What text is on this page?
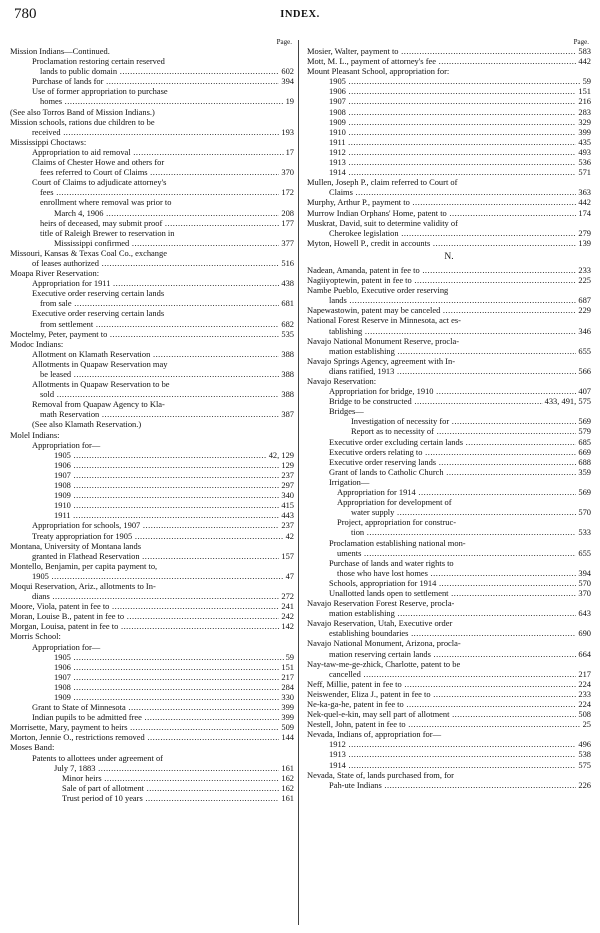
780	INDEX.
Page.
Mission Indians—Continued.
Proclamation restoring certain reserved
lands to public domain .....	602
Purchase of lands for .....	394
Use of former appropriation to purchase
homes .....	19
(See also Torros Band of Mission Indians.)
Mission schools, rations due children to be
received .....	193
Mississippi Choctaws:
Appropriation to aid removal .....	17
Claims of Chester Howe and others for
fees referred to Court of Claims .....	370
Court of Claims to adjudicate attorney's
fees .....	172
enrollment where removal was prior to
March 4, 1906 .....	208
heirs of deceased, may submit proof .....	177
title of Raleigh Brewer to reservation in
Mississippi confirmed .....	377
Missouri, Kansas & Texas Coal Co., exchange
of leases authorized .....	516
Moapa River Reservation:
Appropriation for 1911 .....	438
Executive order reserving certain lands
from sale .....	681
Executive order reserving certain lands
from settlement .....	682
Moctelmy, Peter, payment to .....	535
Modoc Indians:
Allotment on Klamath Reservation .....	388
Allotments in Quapaw Reservation may
be leased .....	388
Allotments in Quapaw Reservation to be
sold .....	388
Removal from Quapaw Agency to Kla-
math Reservation .....	387
(See also Klamath Reservation.)
Molel Indians:
Appropriation for—
1905 .....	42, 129
1906 .....	129
1907 .....	237
1908 .....	297
1909 .....	340
1910 .....	415
1911 .....	443
Appropriation for schools, 1907 .....	237
Treaty appropriation for 1905 .....	42
Montana, University of Montana lands
granted in Flathead Reservation .....	157
Montello, Benjamin, per capita payment to,
1905 .....	47
Moqui Reservation, Ariz., allotments to In-
dians .....	272
Moore, Viola, patent in fee to .....	241
Moran, Louise B., patent in fee to .....	242
Morgan, Louisa, patent in fee to .....	142
Morris School:
Appropriation for—
1905 .....	59
1906 .....	151
1907 .....	217
1908 .....	284
1909 .....	330
Grant to State of Minnesota .....	399
Indian pupils to be admitted free .....	399
Morrisette, Mary, payment to heirs .....	509
Morton, Jennie O., restrictions removed .....	144
Moses Band:
Patents to allottees under agreement of
July 7, 1883 .....	161
Minor heirs .....	162
Sale of part of allotment .....	162
Trust period of 10 years .....	161
Page.
Mosier, Walter, payment to .....	583
Mott, M. L., payment of attorney's fee .....	442
Mount Pleasant School, appropriation for:
1905 .....	59
1906 .....	151
1907 .....	216
1908 .....	283
1909 .....	329
1910 .....	399
1911 .....	435
1912 .....	493
1913 .....	536
1914 .....	571
Mullen, Joseph P., claim referred to Court of
Claims .....	363
Murphy, Arthur P., payment to .....	442
Murrow Indian Orphans' Home, patent to .....	174
Muskrat, David, suit to determine validity of
Cherokee legislation .....	279
Myton, Howell P., credit in accounts .....	139
N.
Nadean, Amanda, patent in fee to .....	233
Nagiiyoptewin, patent in fee to .....	225
Nambe Pueblo, Executive order reserving
lands .....	687
Napewastowin, patent may be canceled .....	229
National Forest Reserve in Minnesota, act es-
tablishing .....	346
Navajo National Monument Reserve, procla-
mation establishing .....	655
Navajo Springs Agency, agreement with In-
dians ratified, 1913 .....	566
Navajo Reservation:
Appropriation for bridge, 1910 .....	407
Bridge to be constructed .....	433, 491, 575
Bridges—
Investigation of necessity for .....	569
Report as to necessity of .....	579
Executive order excluding certain lands .....	685
Executive orders relating to .....	669
Executive order reserving lands .....	688
Grant of lands to Catholic Church .....	359
Irrigation—
Appropriation for 1914 .....	569
Appropriation for development of
water supply .....	570
Project, appropriation for construc-
tion .....	533
Proclamation establishing national mon-
uments .....	655
Purchase of lands and water rights to
those who have lost homes .....	394
Schools, appropriation for 1914 .....	570
Unallotted lands open to settlement .....	370
Navajo Reservation Forest Reserve, procla-
mation establishing .....	643
Navajo Reservation, Utah, Executive order
establishing boundaries .....	690
Navajo National Monument, Arizona, procla-
mation reserving certain lands .....	664
Nay-taw-me-ge-zhick, Charlotte, patent to be
cancelled .....	217
Neff, Millie, patent in fee to .....	224
Neiswender, Eliza J., patent in fee to .....	233
Ne-ka-ga-he, patent in fee to .....	224
Nek-quel-e-kin, may sell part of allotment .....	508
Nestell, John, patent in fee to .....	25
Nevada, Indians of, appropriation for—
1912 .....	496
1913 .....	538
1914 .....	575
Nevada, State of, lands purchased from, for
Pah-ute Indians .....	226
